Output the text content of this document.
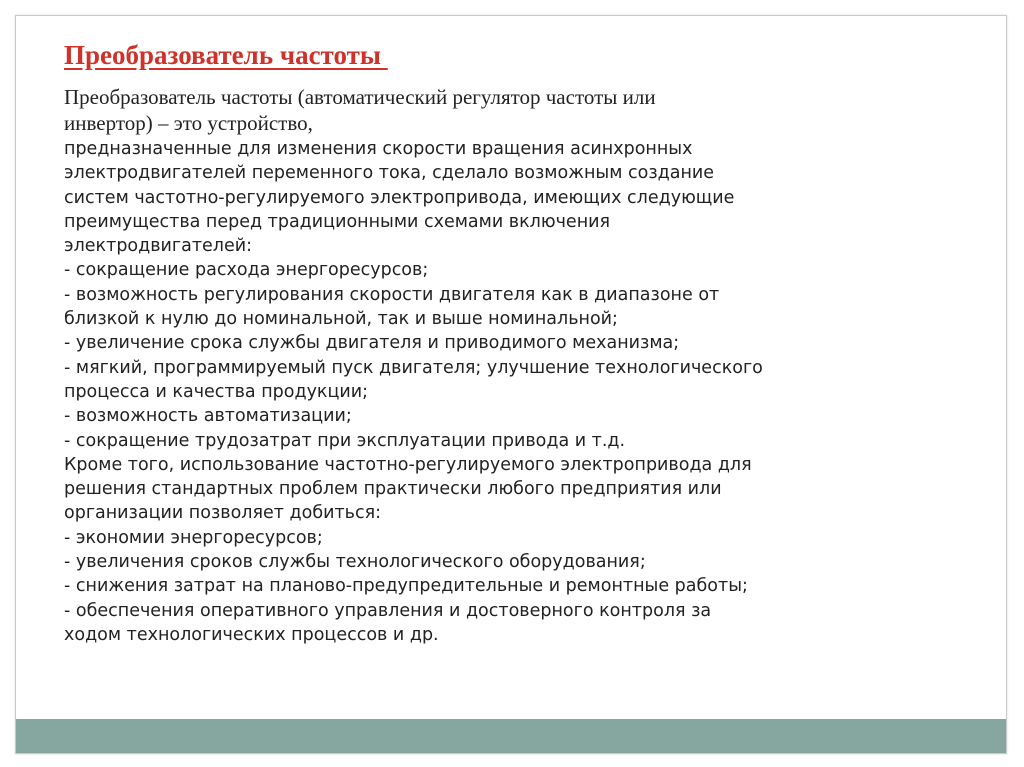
Преобразователь частоты
Преобразователь частоты (автоматический регулятор частоты или
инвертор) – это устройство,
предназначенные для изменения скорости вращения асинхронных
электродвигателей переменного тока, сделало возможным создание
систем частотно-регулируемого электропривода, имеющих следующие
преимущества перед традиционными схемами включения
электродвигателей:
- сокращение расхода энергоресурсов;
- возможность регулирования скорости двигателя как в диапазоне от
близкой к нулю до номинальной, так и выше номинальной;
- увеличение срока службы двигателя и приводимого механизма;
- мягкий, программируемый пуск двигателя; улучшение технологического
процесса и качества продукции;
- возможность автоматизации;
- сокращение трудозатрат при эксплуатации привода и т.д.
Кроме того, использование частотно-регулируемого электропривода для
решения стандартных проблем практически любого предприятия или
организации позволяет добиться:
- экономии энергоресурсов;
- увеличения сроков службы технологического оборудования;
- снижения затрат на планово-предупредительные и ремонтные работы;
- обеспечения оперативного управления и достоверного контроля за
ходом технологических процессов и др.
